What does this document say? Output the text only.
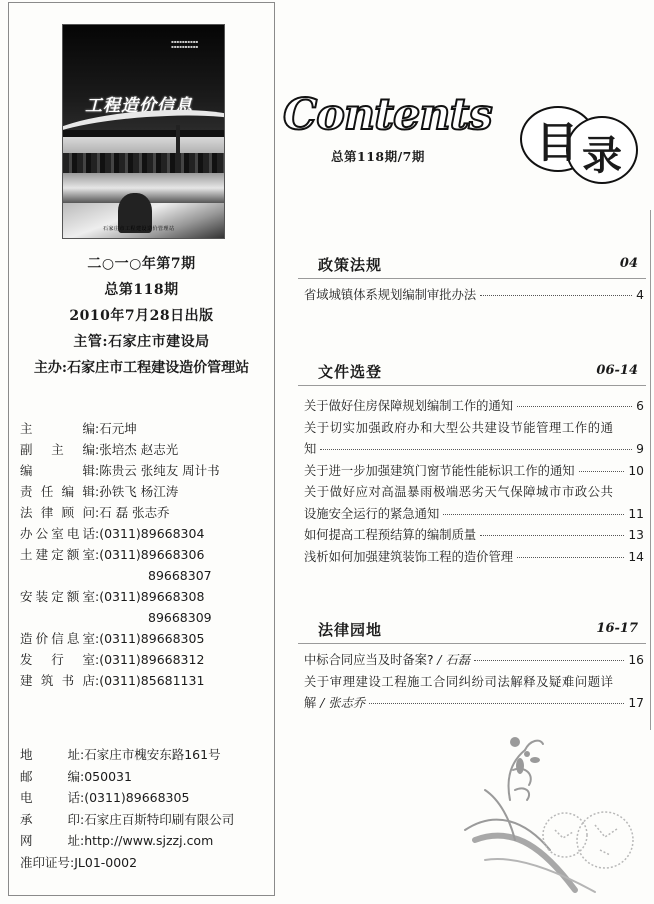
▪▪▪▪▪▪▪▪▪▪
▪▪▪▪▪▪▪▪▪▪
工程造价信息
石家庄市工程建设造价管理站
二○一○年第7期
总第118期
2010年7月28日出版
主管:石家庄市建设局
主办:石家庄市工程建设造价管理站
主编:石元坤
副主编:张培杰 赵志光
编辑:陈贵云 张纯友 周计书
责任编辑:孙铁飞 杨江涛
法律顾问:石 磊 张志乔
办公室电话:(0311)89668304
土建定额室:(0311)89668306
89668307
安装定额室:(0311)89668308
89668309
造价信息室:(0311)89668305
发行室:(0311)89668312
建筑书店:(0311)85681131
地址:石家庄市槐安东路161号
邮编:050031
电话:(0311)89668305
承印:石家庄百斯特印刷有限公司
网址:http://www.sjzzj.com
准印证号:JL01-0002
Contents
总第118期/7期	目 录
政策法规	04
省域城镇体系规划编制审批办法	4
文件选登	06-14
关于做好住房保障规划编制工作的通知	6
关于切实加强政府办和大型公共建设节能管理工作的通
知	9
关于进一步加强建筑门窗节能性能标识工作的通知	10
关于做好应对高温暴雨极端恶劣天气保障城市市政公共
设施安全运行的紧急通知	11
如何提高工程预结算的编制质量	13
浅析如何加强建筑装饰工程的造价管理	14
法律园地	16-17
中标合同应当及时备案? / 石磊	16
关于审理建设工程施工合同纠纷司法解释及疑难问题详
解 / 张志乔	17
